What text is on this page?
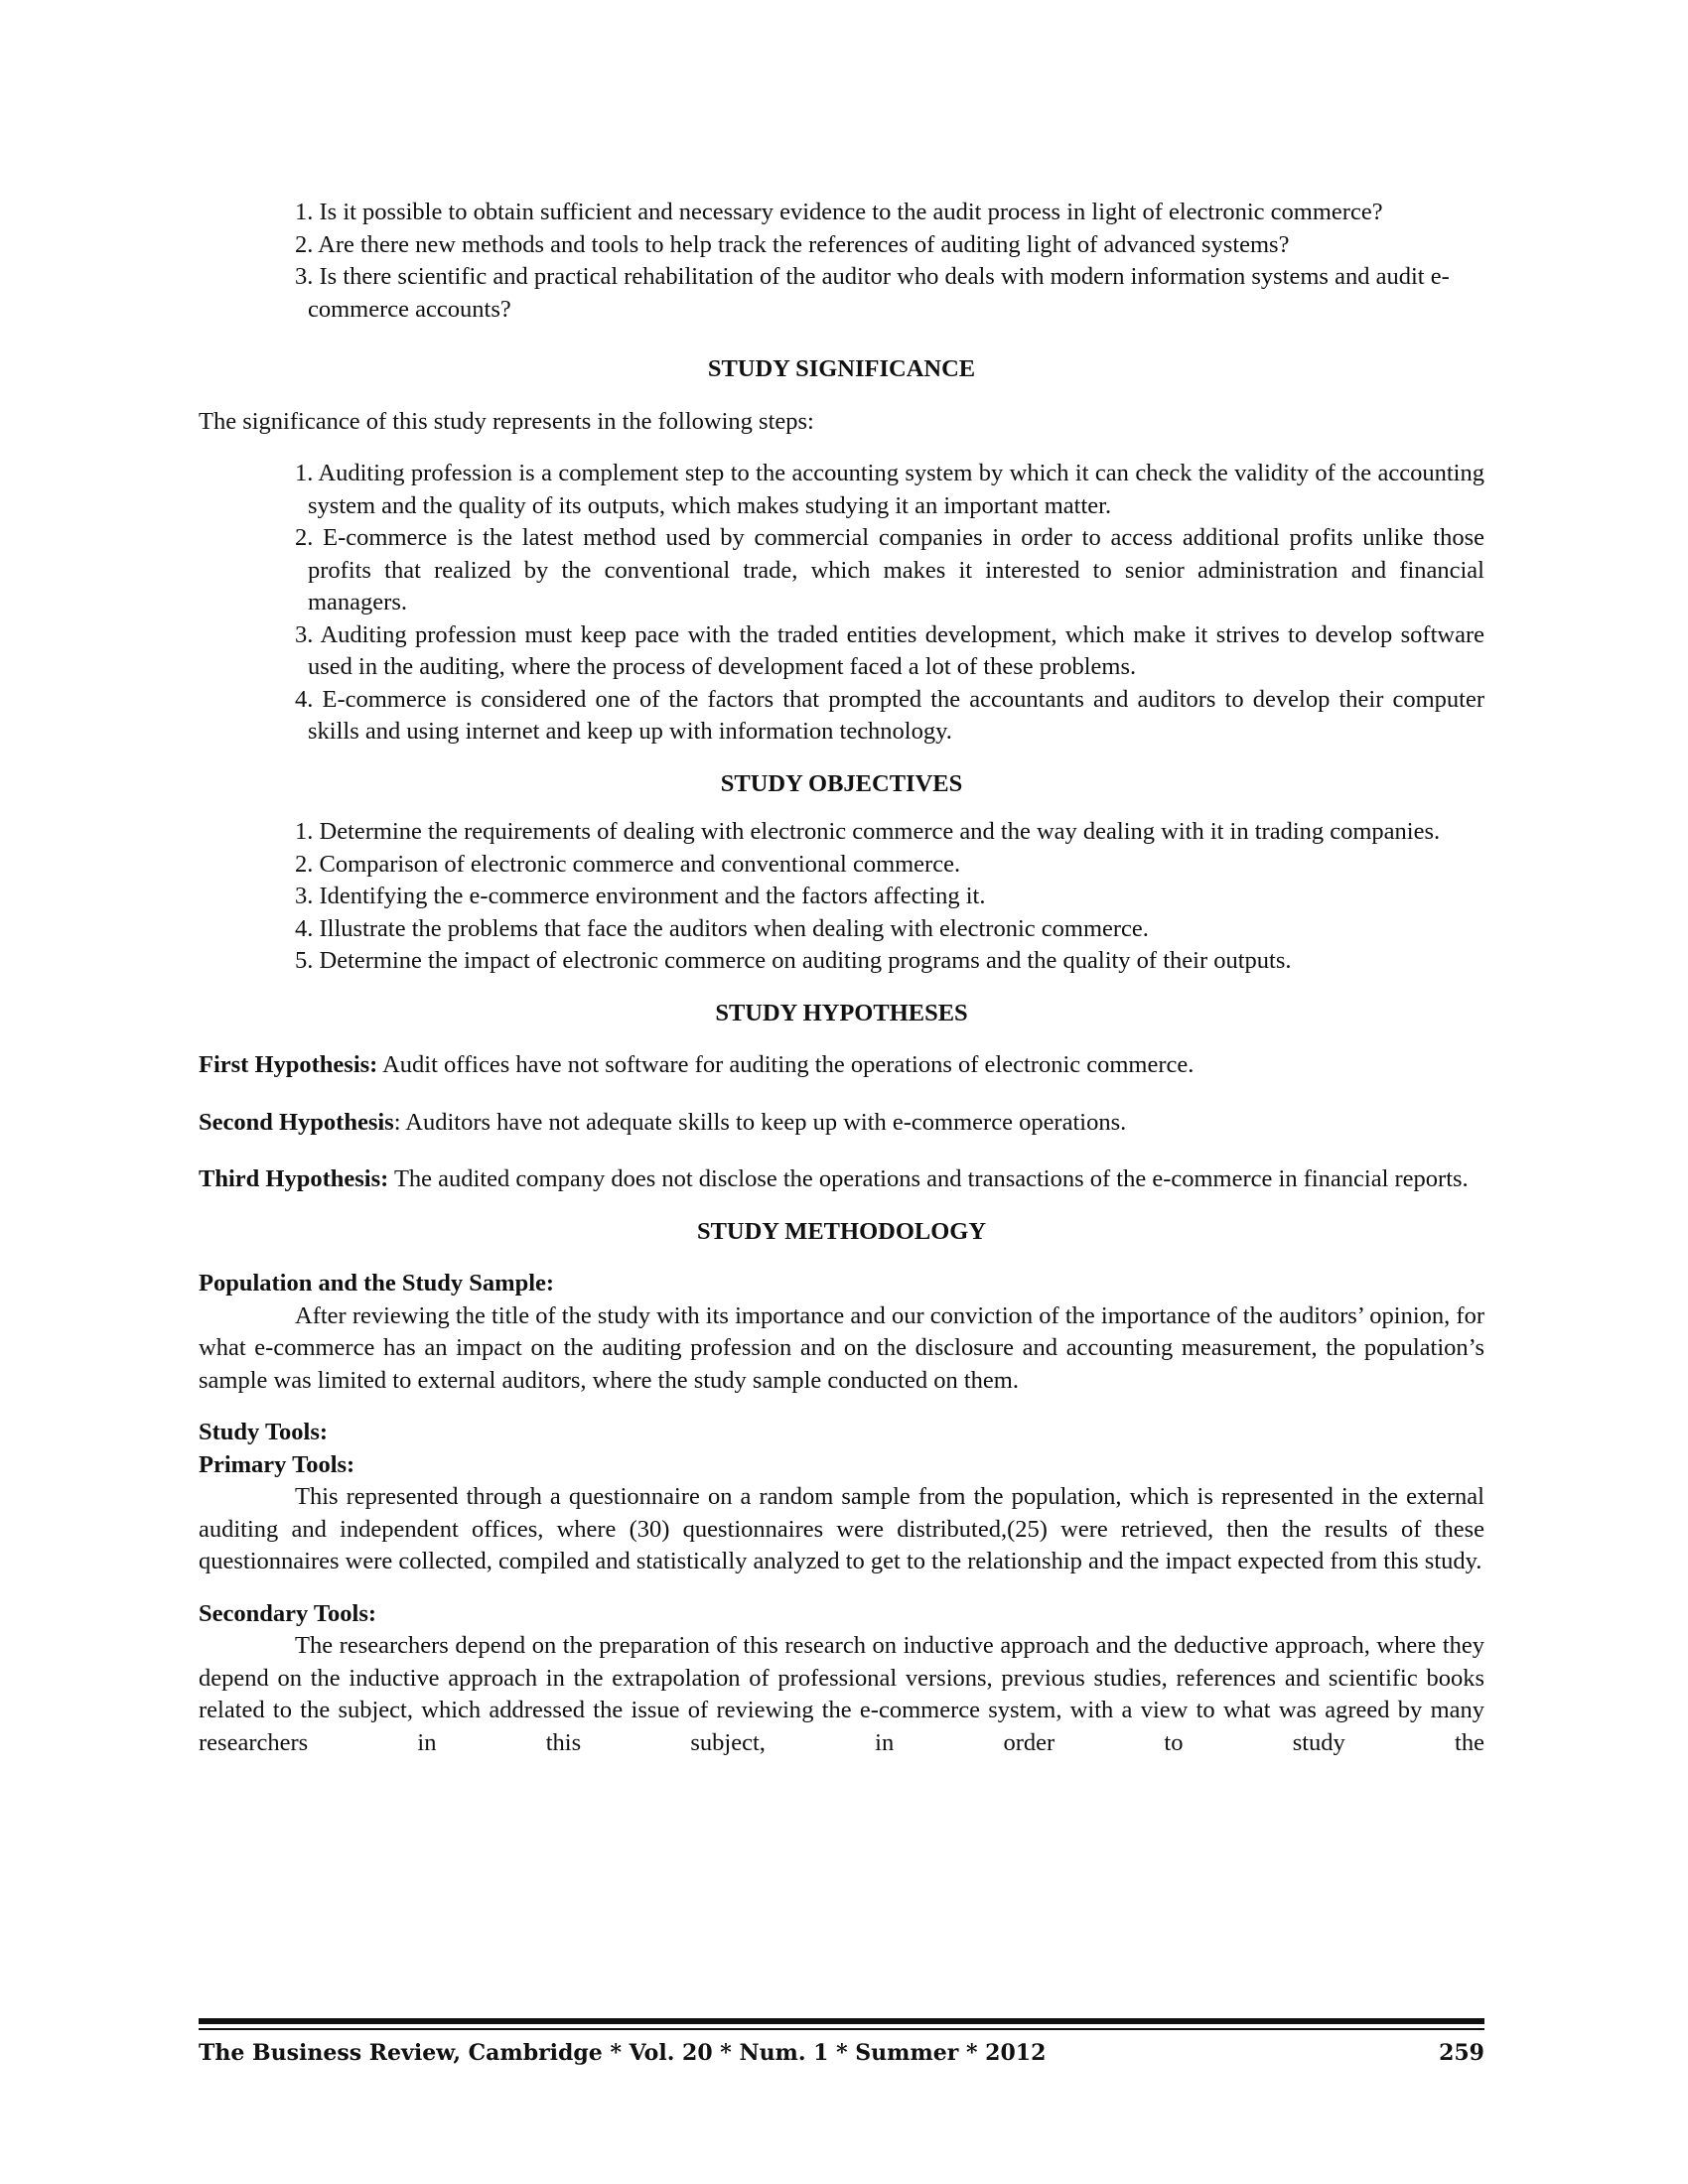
1. Is it possible to obtain sufficient and necessary evidence to the audit process in light of electronic commerce?
2. Are there new methods and tools to help track the references of auditing light of advanced systems?
3. Is there scientific and practical rehabilitation of the auditor who deals with modern information systems and audit e-commerce accounts?
STUDY SIGNIFICANCE

The significance of this study represents in the following steps:

1. Auditing profession is a complement step to the accounting system by which it can check the validity of the accounting system and the quality of its outputs, which makes studying it an important matter.
2. E-commerce is the latest method used by commercial companies in order to access additional profits unlike those profits that realized by the conventional trade, which makes it interested to senior administration and financial managers.
3. Auditing profession must keep pace with the traded entities development, which make it strives to develop software used in the auditing, where the process of development faced a lot of these problems.
4. E-commerce is considered one of the factors that prompted the accountants and auditors to develop their computer skills and using internet and keep up with information technology.
STUDY OBJECTIVES
1. Determine the requirements of dealing with electronic commerce and the way dealing with it in trading companies.
2. Comparison of electronic commerce and conventional commerce.
3. Identifying the e-commerce environment and the factors affecting it.
4. Illustrate the problems that face the auditors when dealing with electronic commerce.
5. Determine the impact of electronic commerce on auditing programs and the quality of their outputs.
STUDY HYPOTHESES

First Hypothesis: Audit offices have not software for auditing the operations of electronic commerce.

Second Hypothesis: Auditors have not adequate skills to keep up with e-commerce operations.

Third Hypothesis: The audited company does not disclose the operations and transactions of the e-commerce in financial reports.

STUDY METHODOLOGY

Population and the Study Sample:

After reviewing the title of the study with its importance and our conviction of the importance of the auditors’ opinion, for what e-commerce has an impact on the auditing profession and on the disclosure and accounting measurement, the population’s sample was limited to external auditors, where the study sample conducted on them.

Study Tools:

Primary Tools:

This represented through a questionnaire on a random sample from the population, which is represented in the external auditing and independent offices, where (30) questionnaires were distributed,(25) were retrieved, then the results of these questionnaires were collected, compiled and statistically analyzed to get to the relationship and the impact expected from this study.

Secondary Tools:

The researchers depend on the preparation of this research on inductive approach and the deductive approach, where they depend on the inductive approach in the extrapolation of professional versions, previous studies, references and scientific books related to the subject, which addressed the issue of reviewing the e-commerce system, with a view to what was agreed by many researchers in this subject, in order to study the

The Business Review, Cambridge * Vol. 20 * Num. 1 * Summer * 2012	259
